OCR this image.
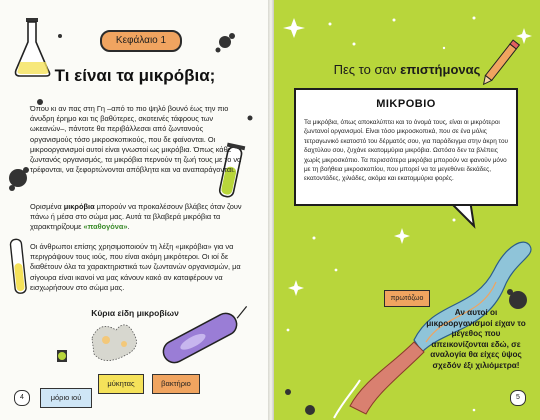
Κεφάλαιο 1
Τι είναι τα μικρόβια;

Όπου κι αν πας στη Γη –από το πιο ψηλό βουνό έως την πιο άνυδρη έρημο και τις βαθύτερες, σκοτεινές τάφρους των ωκεανών–, πάντοτε θα περιβάλλεσαι από ζωντανούς οργανισμούς τόσο μικροσκοπικούς, που δε φαίνονται. Οι μικροοργανισμοί αυτοί είναι γνωστοί ως μικρόβια. Όπως κάθε ζωντανός οργανισμός, τα μικρόβια περνούν τη ζωή τους με το να τρέφονται, να ξεφορτώνονται απόβλητα και να αναπαράγονται.

Ορισμένα μικρόβια μπορούν να προκαλέσουν βλάβες όταν ζουν πάνω ή μέσα στο σώμα μας. Αυτά τα βλαβερά μικρόβια τα χαρακτηρίζουμε «παθογόνα».

Οι άνθρωποι επίσης χρησιμοποιούν τη λέξη «μικρόβια» για να περιγράψουν τους ιούς, που είναι ακόμη μικρότεροι. Οι ιοί δε διαθέτουν όλα τα χαρακτηριστικά των ζωντανών οργανισμών, μα σίγουρα είναι ικανοί να μας κάνουν κακό αν καταφέρουν να εισχωρήσουν στο σώμα μας.

Κύρια είδη μικροβίων
μόριο ιού
μύκητας	βακτήριο
4
Πες το σαν επιστήμονας
ΜΙΚΡΟΒΙΟ

Τα μικρόβια, όπως αποκαλύπτει και το όνομά τους, είναι οι μικρότεροι ζωντανοί οργανισμοί. Είναι τόσο μικροσκοπικά, που σε ένα μόλις τετραγωνικό εκατοστό του δέρματός σου, για παράδειγμα στην άκρη του δαχτύλου σου, ζυχάνε εκατομμύρια μικρόβια. Ωστόσο δεν τα βλέπεις χωρίς μικροσκόπιο. Τα περισσότερα μικρόβια μπορούν να φανούν μόνο με τη βοήθεια μικροσκοπίου, που μπορεί να τα μεγεθύνει δεκάδες, εκατοντάδες, χιλιάδες, ακόμα και εκατομμύρια φορές.

πρωτόζωο
Αν αυτοί οι μικροοργανισμοί είχαν το μέγεθος που απεικονίζονται εδώ, σε αναλογία θα είχες ύψος σχεδόν έξι χιλιόμετρα!
5
